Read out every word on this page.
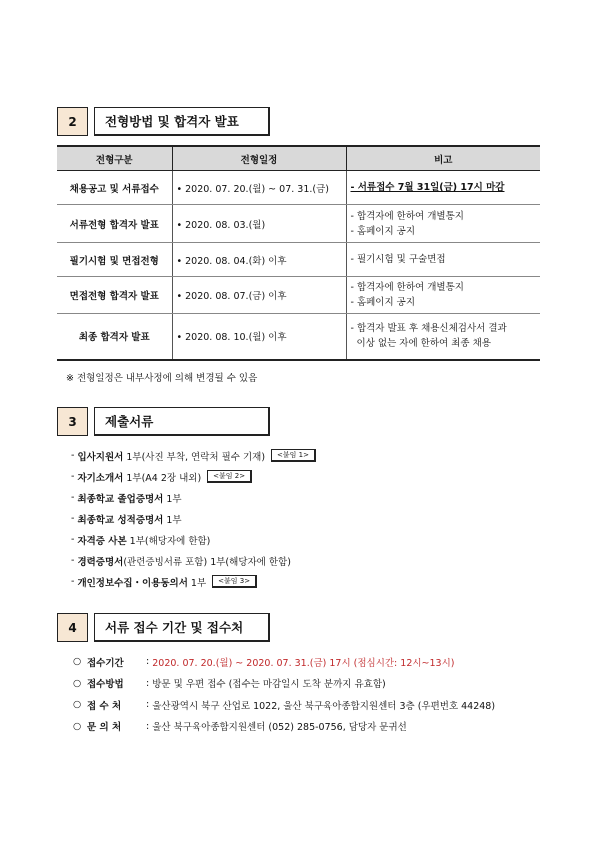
2	전형방법 및 합격자 발표
전형구분	전형일정	비고
채용공고 및 서류접수	• 2020. 07. 20.(월) ~ 07. 31.(금)	- 서류접수 7월 31일(금) 17시 마감

서류전형 합격자 발표	• 2020. 08. 03.(월)	- 합격자에 한하여 개별통지
- 홈페이지 공지

필기시험 및 면접전형	• 2020. 08. 04.(화) 이후	- 필기시험 및 구술면접

면접전형 합격자 발표	• 2020. 08. 07.(금) 이후	- 합격자에 한하여 개별통지
- 홈페이지 공지

최종 합격자 발표	• 2020. 08. 10.(월) 이후	- 합격자 발표 후 채용신체검사서 결과
이상 없는 자에 한하여 최종 채용
※ 전형일정은 내부사정에 의해 변경될 수 있음
3	제출서류
- 입사지원서 1부(사진 부착, 연락처 필수 기재)	<붙임 1>
- 자기소개서 1부(A4 2장 내외)	<붙임 2>
- 최종학교 졸업증명서 1부
- 최종학교 성적증명서 1부
- 자격증 사본 1부(해당자에 한함)
- 경력증명서 (관련증빙서류 포함) 1부(해당자에 한함)
- 개인정보수집・이용동의서 1부	<붙임 3>
4	서류 접수 기간 및 접수처
○ 접수기간	: 2020. 07. 20.(월) ~ 2020. 07. 31.(금) 17시 (점심시간: 12시~13시)
○ 접수방법	: 방문 및 우편 접수 (접수는 마감일시 도착 분까지 유효함)
○ 접 수 처	: 울산광역시 북구 산업로 1022, 울산 북구육아종합지원센터 3층 (우편번호 44248)
○ 문 의 처	: 울산 북구육아종합지원센터 (052) 285-0756, 담당자 문귀선
